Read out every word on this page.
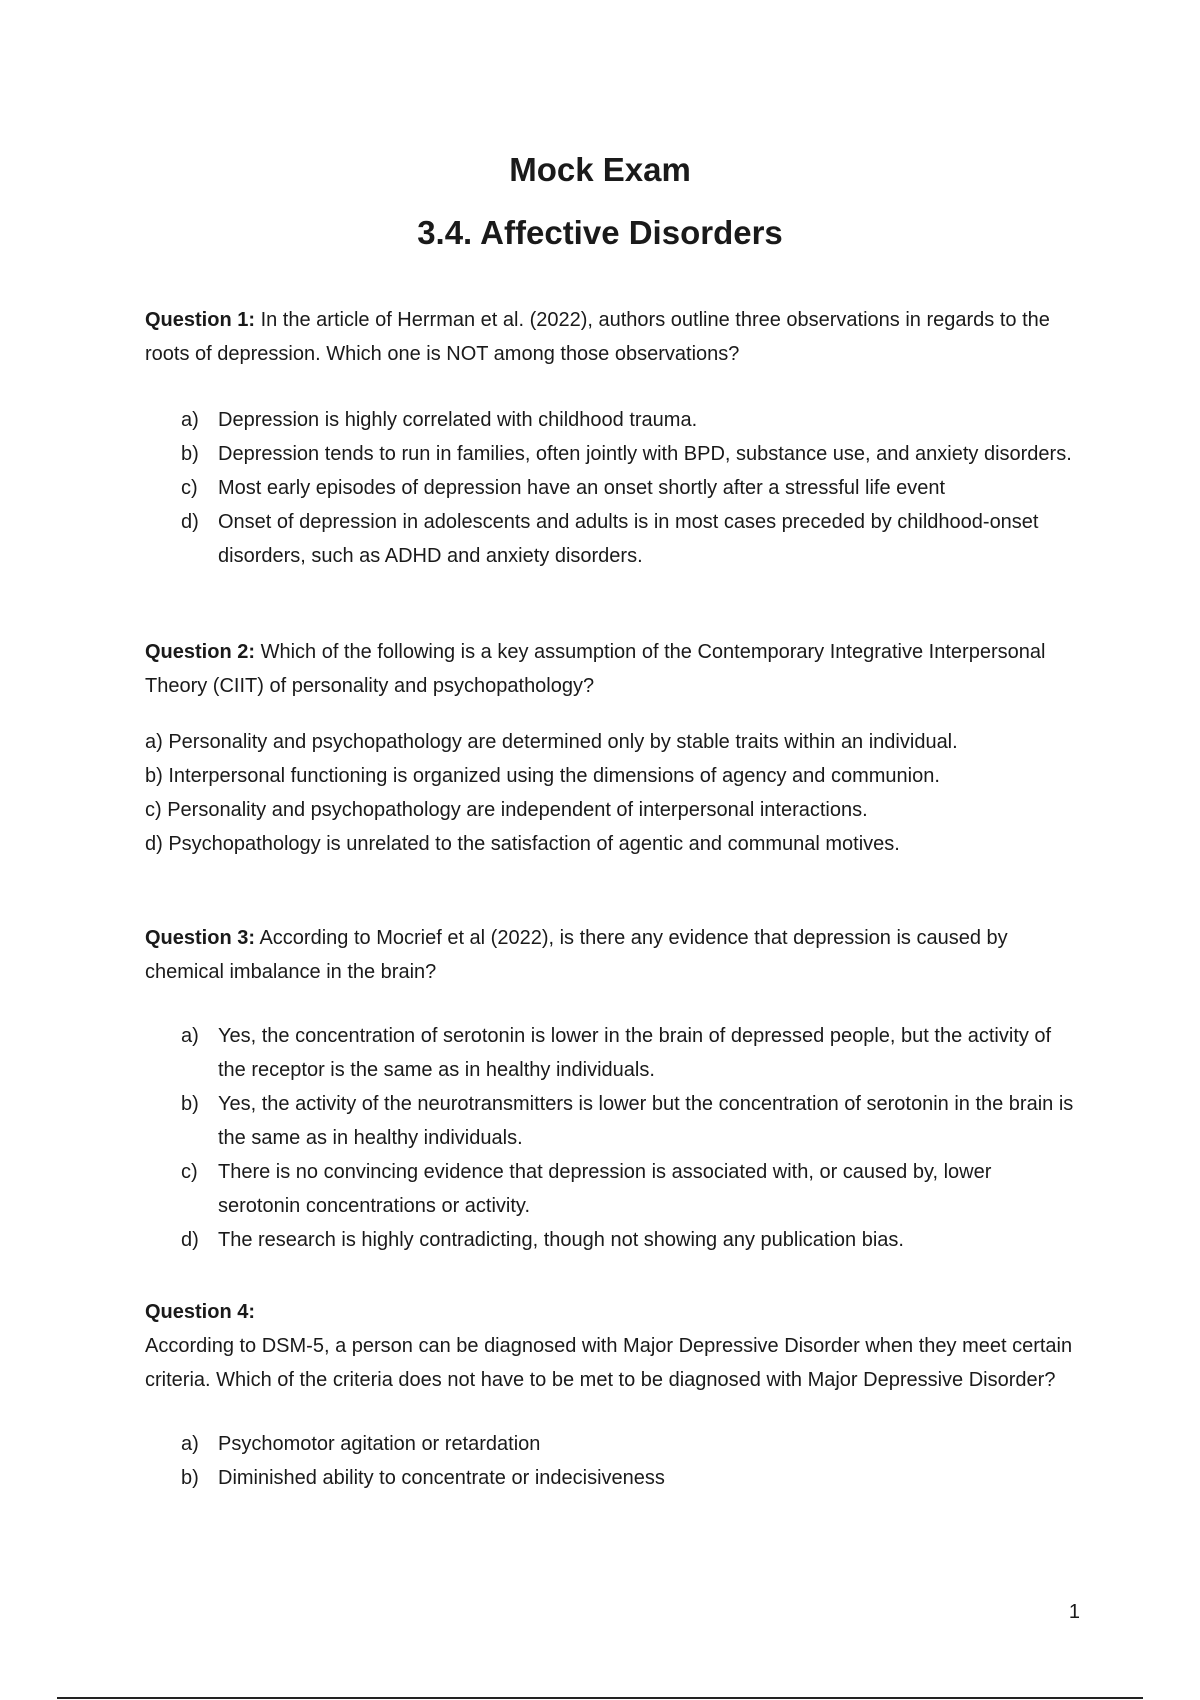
Mock Exam
3.4. Affective Disorders

Question 1: In the article of Herrman et al. (2022), authors outline three observations in regards to the roots of depression. Which one is NOT among those observations?

a) Depression is highly correlated with childhood trauma.
b) Depression tends to run in families, often jointly with BPD, substance use, and anxiety disorders.
c) Most early episodes of depression have an onset shortly after a stressful life event
d) Onset of depression in adolescents and adults is in most cases preceded by childhood-onset disorders, such as ADHD and anxiety disorders.

Question 2: Which of the following is a key assumption of the Contemporary Integrative Interpersonal Theory (CIIT) of personality and psychopathology?

a) Personality and psychopathology are determined only by stable traits within an individual.
b) Interpersonal functioning is organized using the dimensions of agency and communion.
c) Personality and psychopathology are independent of interpersonal interactions.
d) Psychopathology is unrelated to the satisfaction of agentic and communal motives.

Question 3: According to Mocrief et al (2022), is there any evidence that depression is caused by chemical imbalance in the brain?

a) Yes, the concentration of serotonin is lower in the brain of depressed people, but the activity of the receptor is the same as in healthy individuals.
b) Yes, the activity of the neurotransmitters is lower but the concentration of serotonin in the brain is the same as in healthy individuals.
c) There is no convincing evidence that depression is associated with, or caused by, lower serotonin concentrations or activity.
d) The research is highly contradicting, though not showing any publication bias.

Question 4:

According to DSM-5, a person can be diagnosed with Major Depressive Disorder when they meet certain criteria. Which of the criteria does not have to be met to be diagnosed with Major Depressive Disorder?

a) Psychomotor agitation or retardation
b) Diminished ability to concentrate or indecisiveness
1
